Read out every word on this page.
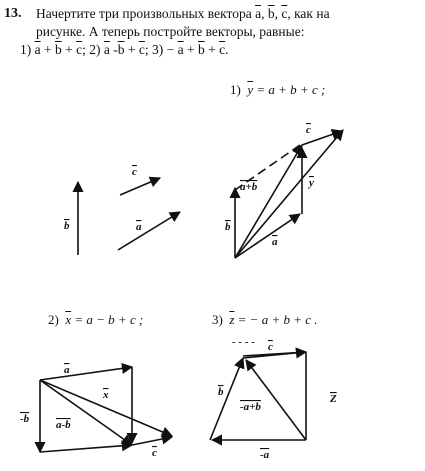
13. Начертите три произвольных вектора $\overline{a}$, $\overline{b}$, $\overline{c}$, как на
рисунке. А теперь постройте векторы, равные:
1) $\overline{a} + \overline{b} + \overline{c}$; 2) $\overline{a}$ $-\overline{b} + \overline{c}$; $3) - \overline{a} + \overline{b} + \overline{c}$.
1) $\overline{y} = a + b + c$ ;
2) $\overline{x} = a - b + c$ ;	3) $\overline{z}$ = − a + b + c .
c
b	a
c
a+b	y
b
a
a
x
-b a-b
c
- - - - c
b
-a+b
-a
Z
